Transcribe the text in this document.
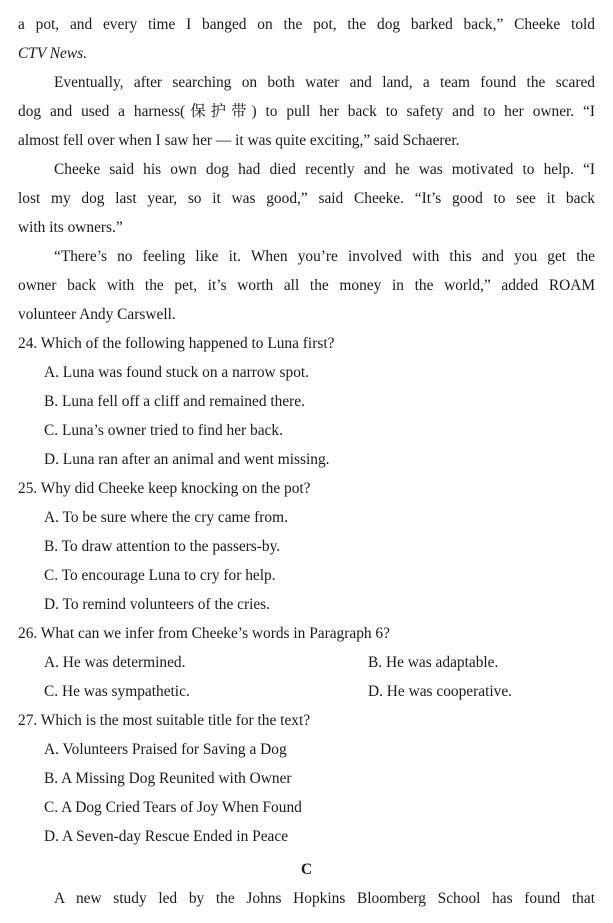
a pot, and every time I banged on the pot, the dog barked back,” Cheeke told
CTV News.
Eventually, after searching on both water and land, a team found the scared
dog and used a harness(保护带) to pull her back to safety and to her owner. “I
almost fell over when I saw her — it was quite exciting,” said Schaerer.
Cheeke said his own dog had died recently and he was motivated to help. “I
lost my dog last year, so it was good,” said Cheeke. “It’s good to see it back
with its owners.”
“There’s no feeling like it. When you’re involved with this and you get the
owner back with the pet, it’s worth all the money in the world,” added ROAM
volunteer Andy Carswell.
24. Which of the following happened to Luna first?
A. Luna was found stuck on a narrow spot.
B. Luna fell off a cliff and remained there.
C. Luna’s owner tried to find her back.
D. Luna ran after an animal and went missing.
25. Why did Cheeke keep knocking on the pot?
A. To be sure where the cry came from.
B. To draw attention to the passers-by.
C. To encourage Luna to cry for help.
D. To remind volunteers of the cries.
26. What can we infer from Cheeke’s words in Paragraph 6?
A. He was determined.	B. He was adaptable.
C. He was sympathetic.	D. He was cooperative.
27. Which is the most suitable title for the text?
A. Volunteers Praised for Saving a Dog
B. A Missing Dog Reunited with Owner
C. A Dog Cried Tears of Joy When Found
D. A Seven-day Rescue Ended in Peace
C
A new study led by the Johns Hopkins Bloomberg School has found that
